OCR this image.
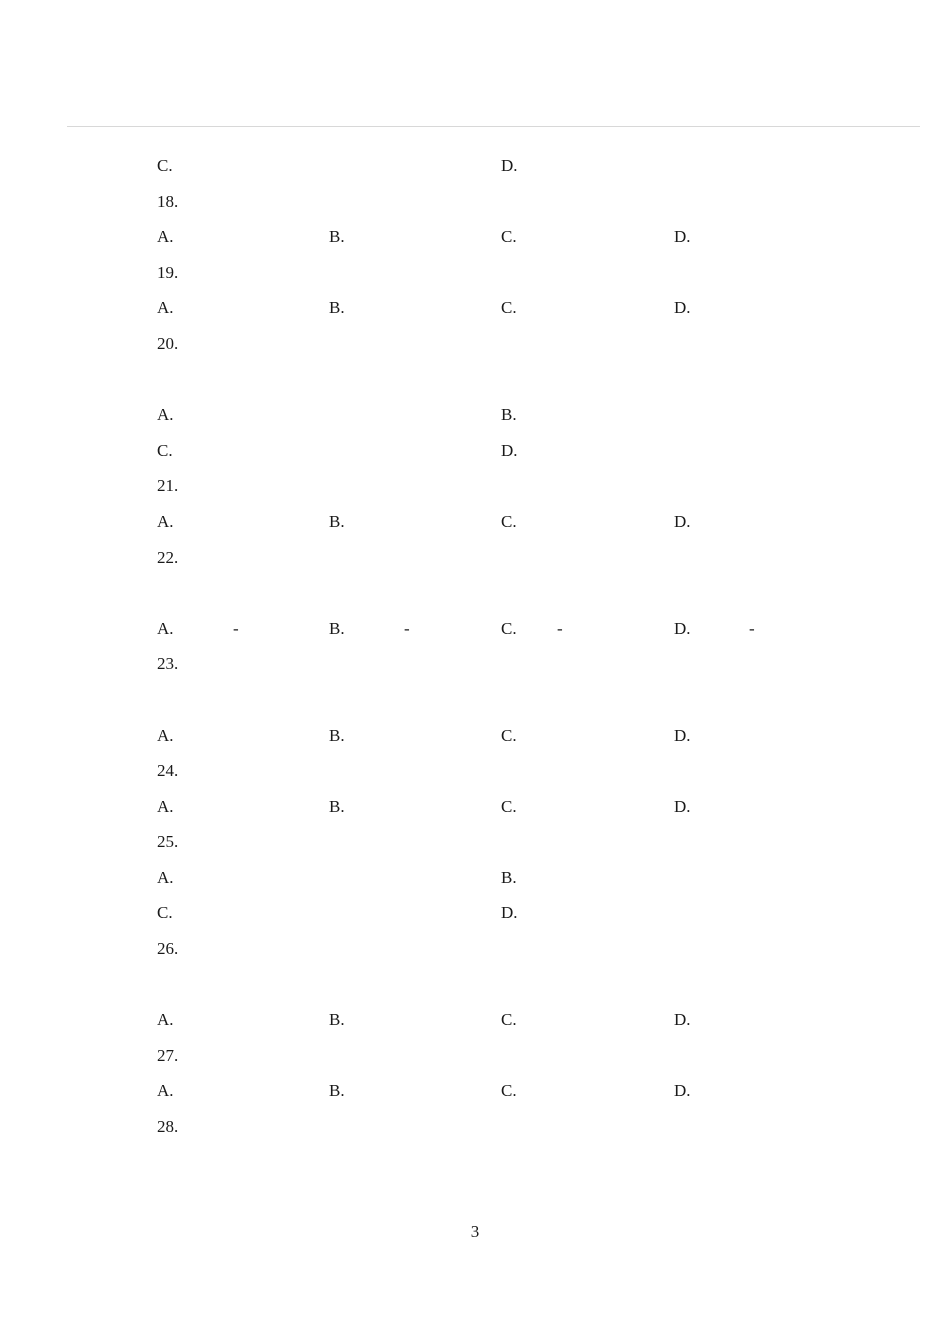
C.	D.
18.
A.	B.	C.	D.
19.
A.	B.	C.	D.
20.
A.	B.
C.	D.
21.
A.	B.	C.	D.
22.
A.	-	B.	-	C. -	D.	-
23.
A.	B.	C.	D.
24.
A.	B.	C.	D.
25.
A.	B.
C.	D.
26.
A.	B.	C.	D.
27.
A.	B.	C.	D.
28.
3
